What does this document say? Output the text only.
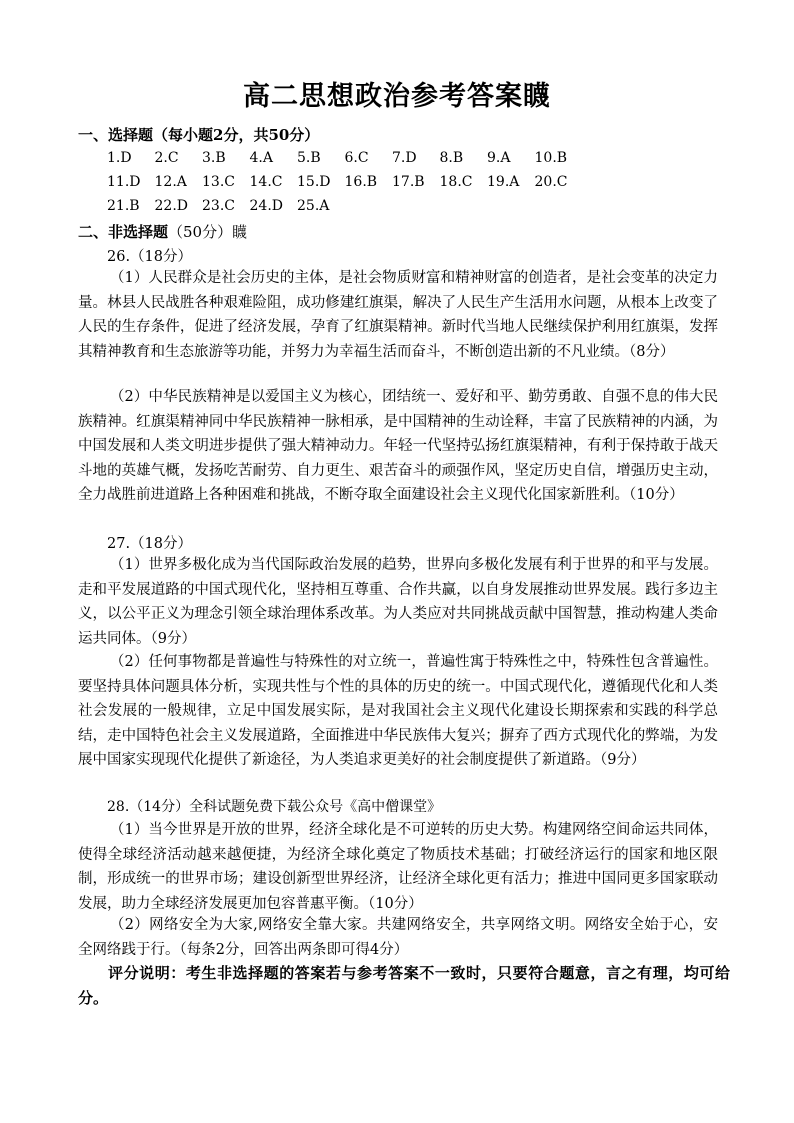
高二思想政治参考答案䁾
一、选择题（每小题2分，共50分）
1.D 2.C 3.B 4.A 5.B 6.C 7.D 8.B 9.A 10.B
11.D 12.A 13.C 14.C 15.D 16.B 17.B 18.C 19.A 20.C
21.B 22.D 23.C 24.D 25.A
二、非选择题（50分）䁾
26.（18分）
（1）人民群众是社会历史的主体，是社会物质财富和精神财富的创造者，是社会变革的决定力量。林县人民战胜各种艰难险阻，成功修建红旗渠，解决了人民生产生活用水问题，从根本上改变了人民的生存条件，促进了经济发展，孕育了红旗渠精神。新时代当地人民继续保护利用红旗渠，发挥其精神教育和生态旅游等功能，并努力为幸福生活而奋斗，不断创造出新的不凡业绩。（8分）
（2）中华民族精神是以爱国主义为核心，团结统一、爱好和平、勤劳勇敢、自强不息的伟大民族精神。红旗渠精神同中华民族精神一脉相承，是中国精神的生动诠释，丰富了民族精神的内涵，为中国发展和人类文明进步提供了强大精神动力。年轻一代坚持弘扬红旗渠精神，有利于保持敢于战天斗地的英雄气概，发扬吃苦耐劳、自力更生、艰苦奋斗的顽强作风，坚定历史自信，增强历史主动，全力战胜前进道路上各种困难和挑战，不断夺取全面建设社会主义现代化国家新胜利。（10分）
27.（18分）
（1）世界多极化成为当代国际政治发展的趋势，世界向多极化发展有利于世界的和平与发展。走和平发展道路的中国式现代化，坚持相互尊重、合作共赢，以自身发展推动世界发展。践行多边主义，以公平正义为理念引领全球治理体系改革。为人类应对共同挑战贡献中国智慧，推动构建人类命运共同体。（9分）
（2）任何事物都是普遍性与特殊性的对立统一，普遍性寓于特殊性之中，特殊性包含普遍性。要坚持具体问题具体分析，实现共性与个性的具体的历史的统一。中国式现代化，遵循现代化和人类社会发展的一般规律，立足中国发展实际，是对我国社会主义现代化建设长期探索和实践的科学总结，走中国特色社会主义发展道路，全面推进中华民族伟大复兴；摒弃了西方式现代化的弊端，为发展中国家实现现代化提供了新途径，为人类追求更美好的社会制度提供了新道路。（9分）
28.（14分）全科试题免费下载公众号《高中僧课堂》
（1）当今世界是开放的世界，经济全球化是不可逆转的历史大势。构建网络空间命运共同体，使得全球经济活动越来越便捷，为经济全球化奠定了物质技术基础；打破经济运行的国家和地区限制，形成统一的世界市场；建设创新型世界经济，让经济全球化更有活力；推进中国同更多国家联动发展，助力全球经济发展更加包容普惠平衡。（10分）
（2）网络安全为大家,网络安全靠大家。共建网络安全，共享网络文明。网络安全始于心，安全网络践于行。（每条2分，回答出两条即可得4分）
评分说明：考生非选择题的答案若与参考答案不一致时，只要符合题意，言之有理，均可给分。
